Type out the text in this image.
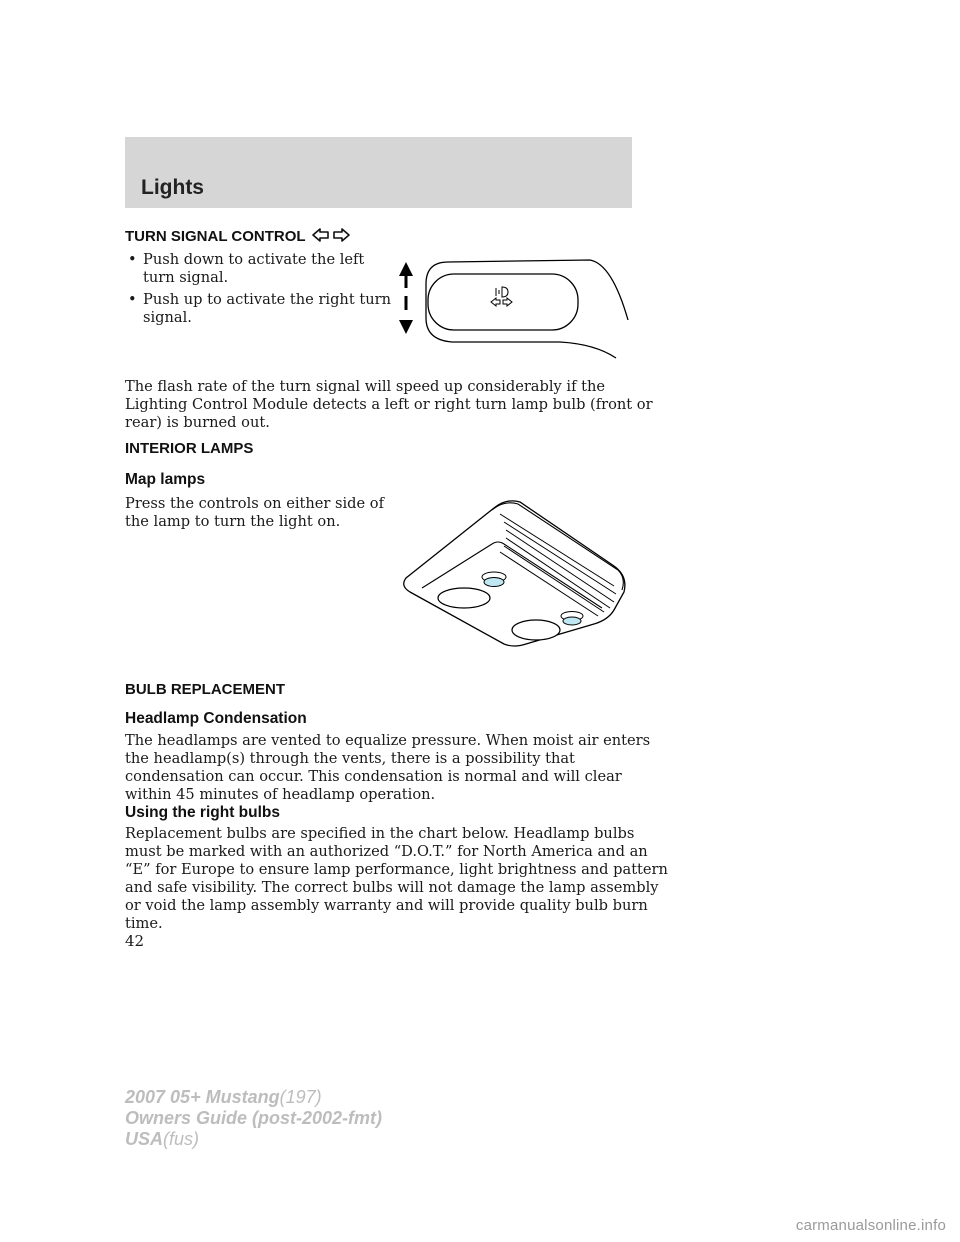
Lights
TURN SIGNAL CONTROL
• Push down to activate the left
turn signal.
• Push up to activate the right turn
signal.
The flash rate of the turn signal will speed up considerably if the
Lighting Control Module detects a left or right turn lamp bulb (front or
rear) is burned out.
INTERIOR LAMPS
Map lamps
Press the controls on either side of
the lamp to turn the light on.
BULB REPLACEMENT
Headlamp Condensation
The headlamps are vented to equalize pressure. When moist air enters
the headlamp(s) through the vents, there is a possibility that
condensation can occur. This condensation is normal and will clear
within 45 minutes of headlamp operation.
Using the right bulbs
Replacement bulbs are specified in the chart below. Headlamp bulbs
must be marked with an authorized “D.O.T.” for North America and an
“E” for Europe to ensure lamp performance, light brightness and pattern
and safe visibility. The correct bulbs will not damage the lamp assembly
or void the lamp assembly warranty and will provide quality bulb burn
time.
42
2007 05+ Mustang(197)
Owners Guide (post-2002-fmt)
USA(fus)
carmanualsonline.info
